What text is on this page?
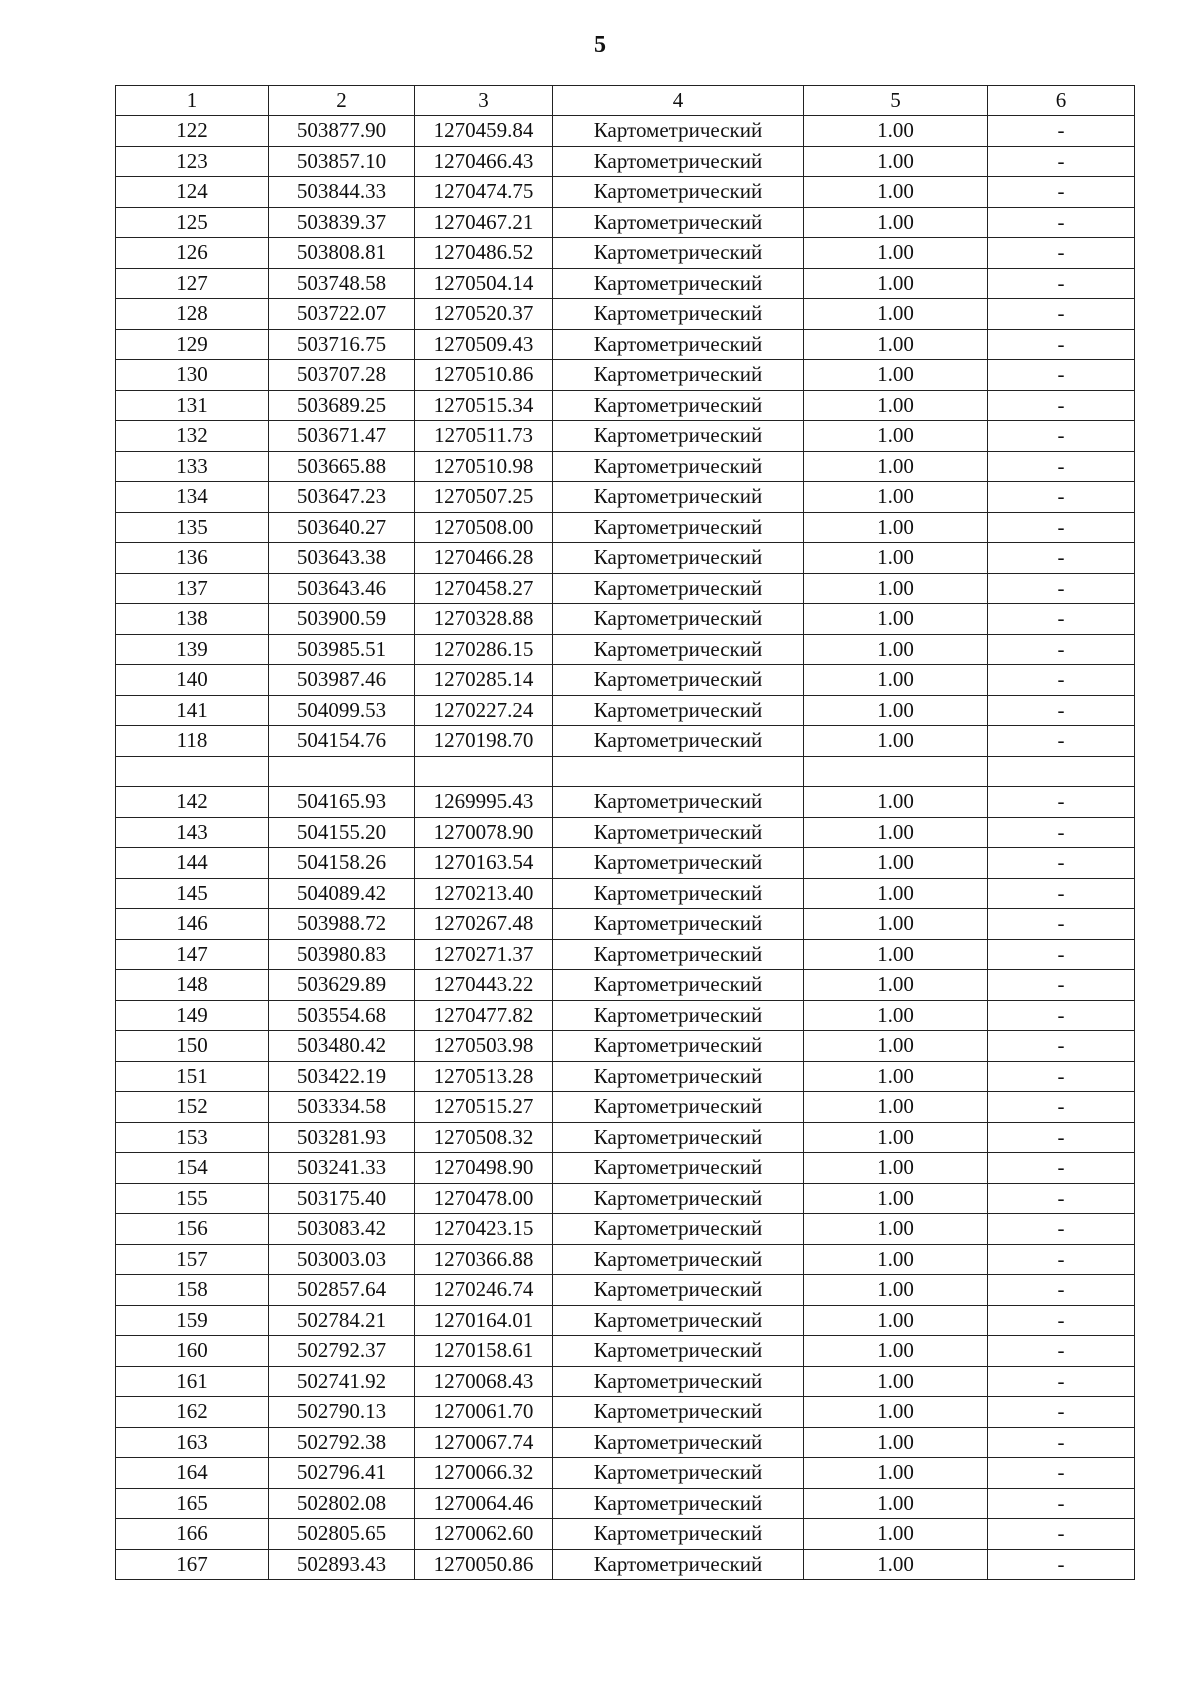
5
1	2	3	4	5	6
122	503877.90	1270459.84	Картометрический	1.00	-
123	503857.10	1270466.43	Картометрический	1.00	-
124	503844.33	1270474.75	Картометрический	1.00	-
125	503839.37	1270467.21	Картометрический	1.00	-
126	503808.81	1270486.52	Картометрический	1.00	-
127	503748.58	1270504.14	Картометрический	1.00	-
128	503722.07	1270520.37	Картометрический	1.00	-
129	503716.75	1270509.43	Картометрический	1.00	-
130	503707.28	1270510.86	Картометрический	1.00	-
131	503689.25	1270515.34	Картометрический	1.00	-
132	503671.47	1270511.73	Картометрический	1.00	-
133	503665.88	1270510.98	Картометрический	1.00	-
134	503647.23	1270507.25	Картометрический	1.00	-
135	503640.27	1270508.00	Картометрический	1.00	-
136	503643.38	1270466.28	Картометрический	1.00	-
137	503643.46	1270458.27	Картометрический	1.00	-
138	503900.59	1270328.88	Картометрический	1.00	-
139	503985.51	1270286.15	Картометрический	1.00	-
140	503987.46	1270285.14	Картометрический	1.00	-
141	504099.53	1270227.24	Картометрический	1.00	-
118	504154.76	1270198.70	Картометрический	1.00	-

142	504165.93	1269995.43	Картометрический	1.00	-
143	504155.20	1270078.90	Картометрический	1.00	-
144	504158.26	1270163.54	Картометрический	1.00	-
145	504089.42	1270213.40	Картометрический	1.00	-
146	503988.72	1270267.48	Картометрический	1.00	-
147	503980.83	1270271.37	Картометрический	1.00	-
148	503629.89	1270443.22	Картометрический	1.00	-
149	503554.68	1270477.82	Картометрический	1.00	-
150	503480.42	1270503.98	Картометрический	1.00	-
151	503422.19	1270513.28	Картометрический	1.00	-
152	503334.58	1270515.27	Картометрический	1.00	-
153	503281.93	1270508.32	Картометрический	1.00	-
154	503241.33	1270498.90	Картометрический	1.00	-
155	503175.40	1270478.00	Картометрический	1.00	-
156	503083.42	1270423.15	Картометрический	1.00	-
157	503003.03	1270366.88	Картометрический	1.00	-
158	502857.64	1270246.74	Картометрический	1.00	-
159	502784.21	1270164.01	Картометрический	1.00	-
160	502792.37	1270158.61	Картометрический	1.00	-
161	502741.92	1270068.43	Картометрический	1.00	-
162	502790.13	1270061.70	Картометрический	1.00	-
163	502792.38	1270067.74	Картометрический	1.00	-
164	502796.41	1270066.32	Картометрический	1.00	-
165	502802.08	1270064.46	Картометрический	1.00	-
166	502805.65	1270062.60	Картометрический	1.00	-
167	502893.43	1270050.86	Картометрический	1.00	-
